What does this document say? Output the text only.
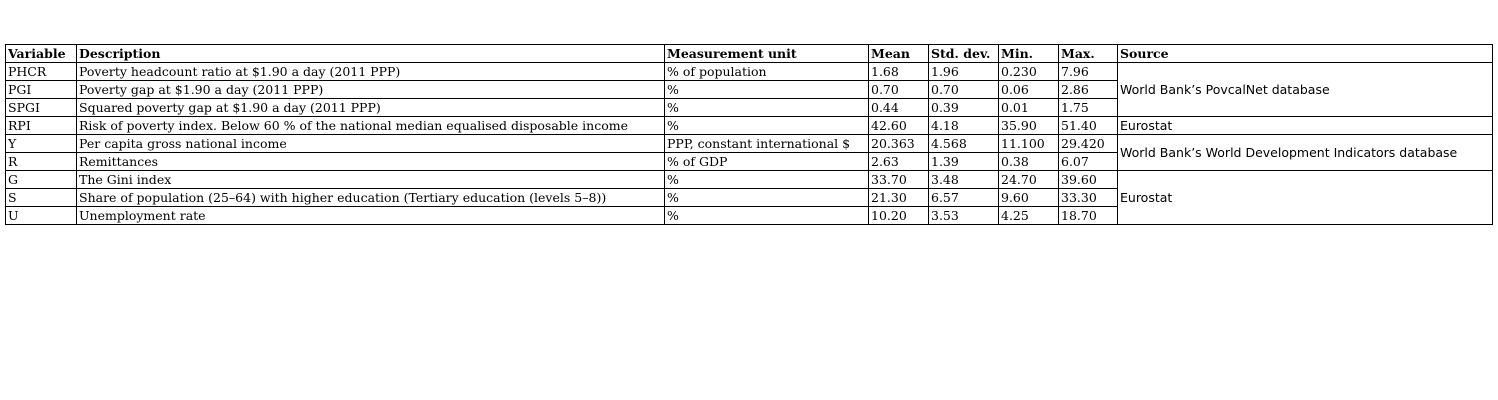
Variable	Description	Measurement unit	Mean	Std. dev.	Min.	Max.	Source
PHCR	Poverty headcount ratio at $1.90 a day (2011 PPP)	% of population	1.68	1.96	0.230	7.96	World Bank’s PovcalNet database
PGI	Poverty gap at $1.90 a day (2011 PPP)	%	0.70	0.70	0.06	2.86	
SPGI	Squared poverty gap at $1.90 a day (2011 PPP)	%	0.44	0.39	0.01	1.75	
RPI	Risk of poverty index. Below 60 % of the national median equalised disposable income	%	42.60	4.18	35.90	51.40	Eurostat
Y	Per capita gross national income	PPP, constant international $	20.363	4.568	11.100	29.420	World Bank’s World Development Indicators database
R	Remittances	% of GDP	2.63	1.39	0.38	6.07	
G	The Gini index	%	33.70	3.48	24.70	39.60	Eurostat
S	Share of population (25–64) with higher education (Tertiary education (levels 5–8))	%	21.30	6.57	9.60	33.30	
U	Unemployment rate	%	10.20	3.53	4.25	18.70	
